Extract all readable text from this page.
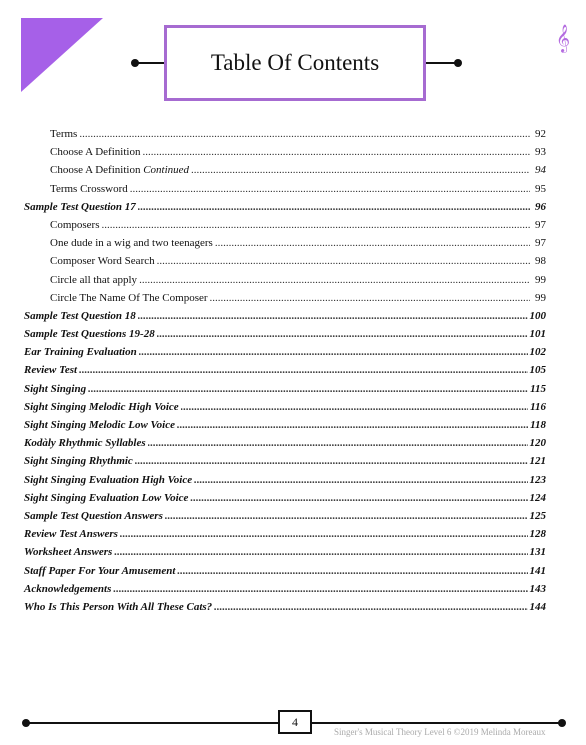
Table Of Contents
𝄞
Terms .....	92
Choose A Definition .....	93
Choose A Definition
Continued .....	94
Terms Crossword .....	95
Sample Test Question 17 .....	96
Composers .....	97
One dude in a wig and two teenagers .....	97
Composer Word Search .....	98
Circle all that apply .....	99
Circle The Name Of The Composer .....	99
Sample Test Question 18 .....	100
Sample Test Questions 19-28 .....	101
Ear Training Evaluation .....	102
Review Test .....	105
Sight Singing .....	115
Sight Singing Melodic High Voice .....	116
Sight Singing Melodic Low Voice .....	118
Kodàly Rhythmic Syllables .....	120
Sight Singing Rhythmic .....	121
Sight Singing Evaluation High Voice .....	123
Sight Singing Evaluation Low Voice .....	124
Sample Test Question Answers .....	125
Review Test Answers .....	128
Worksheet Answers .....	131
Staff Paper For Your Amusement .....	141
Acknowledgements .....	143
Who Is This Person With All These Cats? .....	144
4
Singer's Musical Theory Level 6 ©2019 Melinda Moreaux
